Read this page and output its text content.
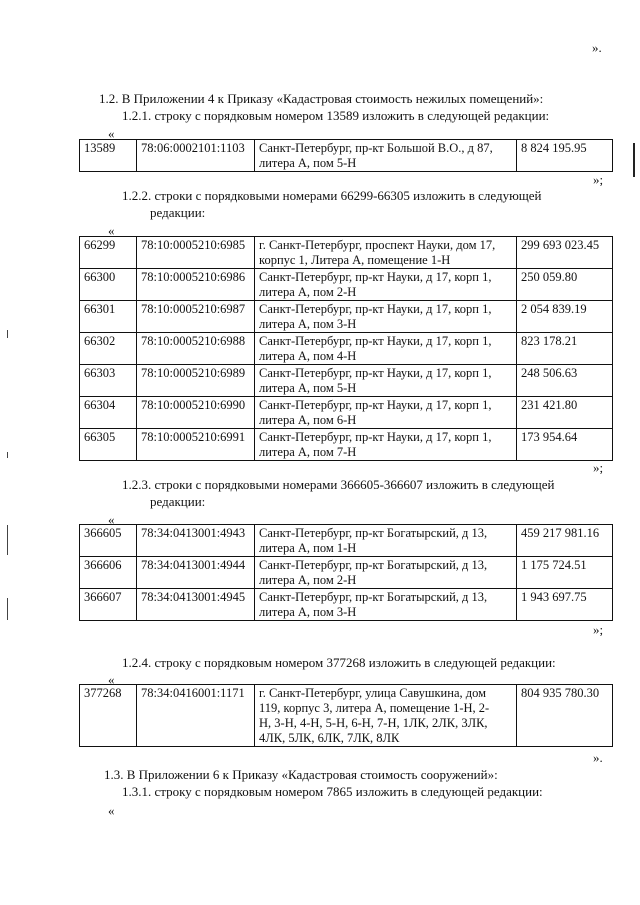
».
1.2. В Приложении 4 к Приказу «Кадастровая стоимость нежилых помещений»:
1.2.1. строку с порядковым номером 13589 изложить в следующей редакции:
«
13589	78:06:0002101:1103	Санкт-Петербург, пр-кт Большой В.О., д 87,
литера А, пом 5-Н
	8 824 195.95
»;
1.2.2. строки с порядковыми номерами 66299-66305 изложить в следующей
редакции:
«
66299	78:10:0005210:6985	г. Санкт-Петербург, проспект Науки, дом 17,
корпус 1, Литера А, помещение 1-Н	299 693 023.45
66300	78:10:0005210:6986	Санкт-Петербург, пр-кт Науки, д 17, корп 1,
литера А, пом 2-Н	250 059.80
66301	78:10:0005210:6987	Санкт-Петербург, пр-кт Науки, д 17, корп 1,
литера А, пом 3-Н	2 054 839.19
66302	78:10:0005210:6988	Санкт-Петербург, пр-кт Науки, д 17, корп 1,
литера А, пом 4-Н	823 178.21
66303	78:10:0005210:6989	Санкт-Петербург, пр-кт Науки, д 17, корп 1,
литера А, пом 5-Н	248 506.63
66304	78:10:0005210:6990	Санкт-Петербург, пр-кт Науки, д 17, корп 1,
литера А, пом 6-Н	231 421.80
66305	78:10:0005210:6991	Санкт-Петербург, пр-кт Науки, д 17, корп 1,
литера А, пом 7-Н	173 954.64
»;
1.2.3. строки с порядковыми номерами 366605-366607 изложить в следующей
редакции:
«
366605	78:34:0413001:4943	Санкт-Петербург, пр-кт Богатырский, д 13,
литера А, пом 1-Н	459 217 981.16
366606	78:34:0413001:4944	Санкт-Петербург, пр-кт Богатырский, д 13,
литера А, пом 2-Н	1 175 724.51
366607	78:34:0413001:4945	Санкт-Петербург, пр-кт Богатырский, д 13,
литера А, пом 3-Н	1 943 697.75
»;
1.2.4. строку с порядковым номером 377268 изложить в следующей редакции:
«
377268	78:34:0416001:1171	г. Санкт-Петербург, улица Савушкина, дом
119, корпус 3, литера А, помещение 1-Н, 2-
Н, 3-Н, 4-Н, 5-Н, 6-Н, 7-Н, 1ЛК, 2ЛК, 3ЛК,
4ЛК, 5ЛК, 6ЛК, 7ЛК, 8ЛК
	804 935 780.30
».
1.3. В Приложении 6 к Приказу «Кадастровая стоимость сооружений»:
1.3.1. строку с порядковым номером 7865 изложить в следующей редакции:
«
